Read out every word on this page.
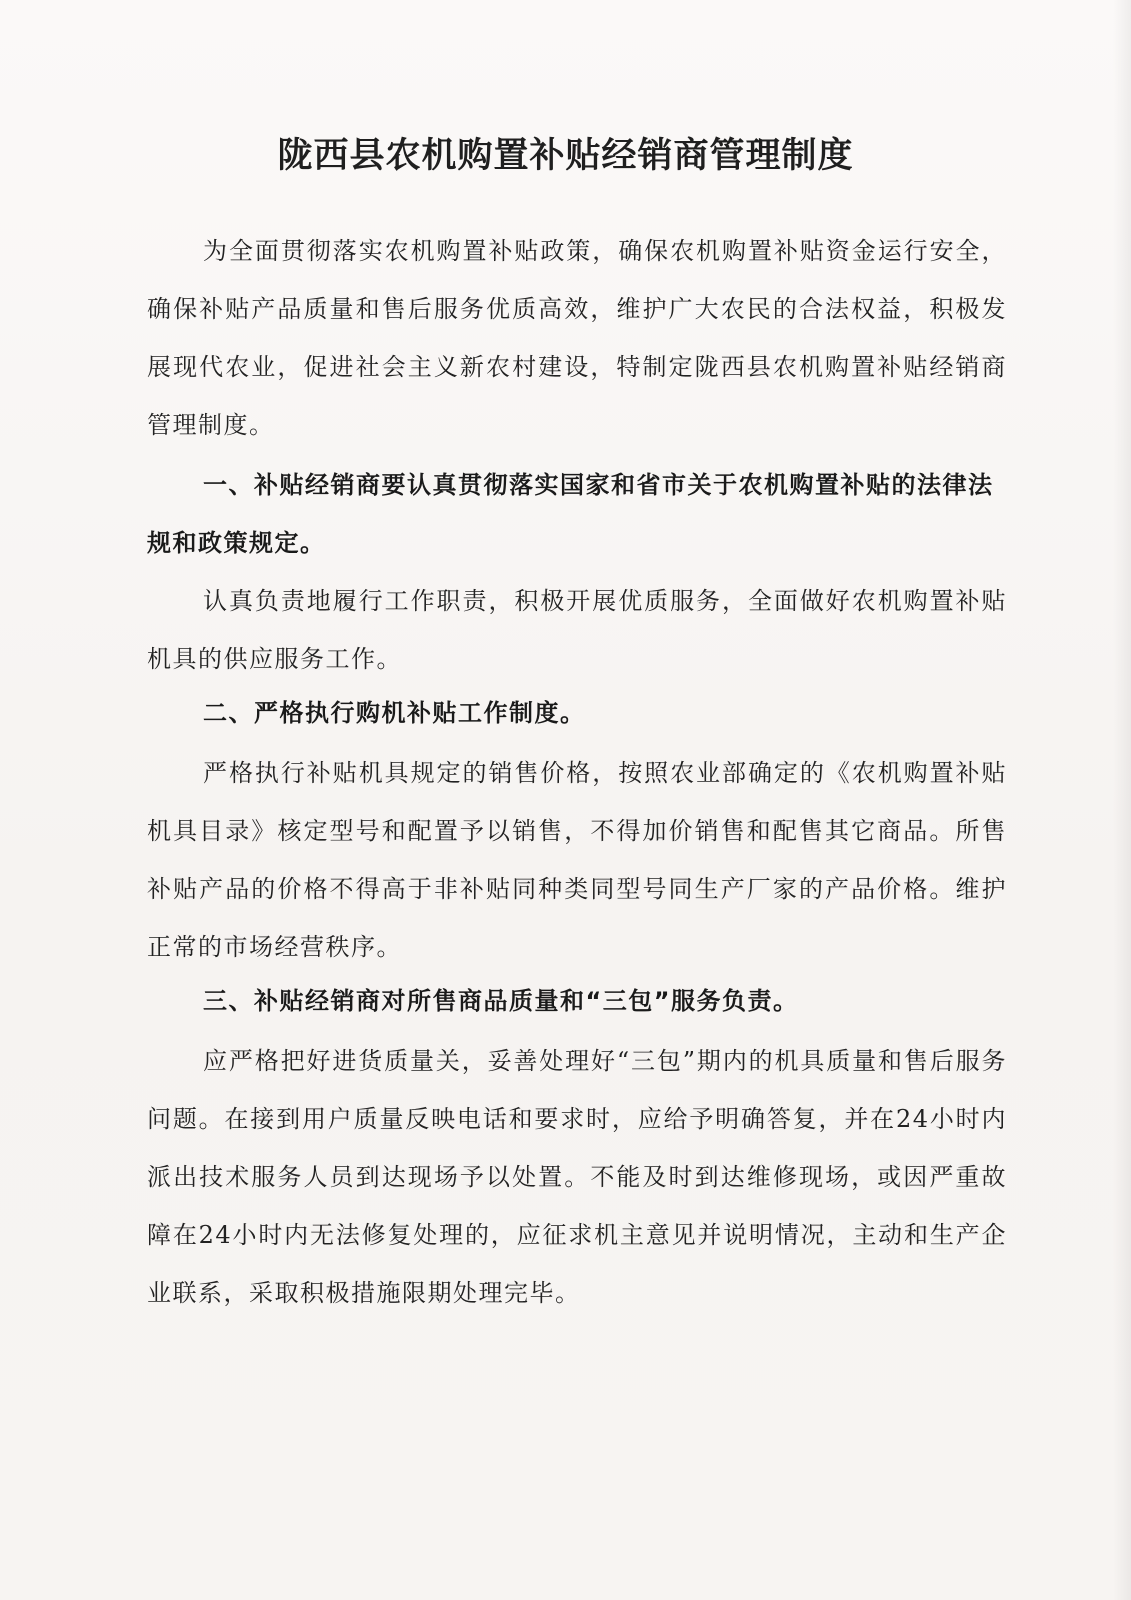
陇西县农机购置补贴经销商管理制度

为全面贯彻落实农机购置补贴政策，确保农机购置补贴资金运行安全，确保补贴产品质量和售后服务优质高效，维护广大农民的合法权益，积极发展现代农业，促进社会主义新农村建设，特制定陇西县农机购置补贴经销商管理制度。

一、补贴经销商要认真贯彻落实国家和省市关于农机购置补贴的法律法规和政策规定。

认真负责地履行工作职责，积极开展优质服务，全面做好农机购置补贴机具的供应服务工作。

二、严格执行购机补贴工作制度。

严格执行补贴机具规定的销售价格，按照农业部确定的《农机购置补贴机具目录》核定型号和配置予以销售，不得加价销售和配售其它商品。所售补贴产品的价格不得高于非补贴同种类同型号同生产厂家的产品价格。维护正常的市场经营秩序。

三、补贴经销商对所售商品质量和“三包”服务负责。

应严格把好进货质量关，妥善处理好“三包”期内的机具质量和售后服务问题。在接到用户质量反映电话和要求时，应给予明确答复，并在24小时内派出技术服务人员到达现场予以处置。不能及时到达维修现场，或因严重故障在24小时内无法修复处理的，应征求机主意见并说明情况，主动和生产企业联系，采取积极措施限期处理完毕。
